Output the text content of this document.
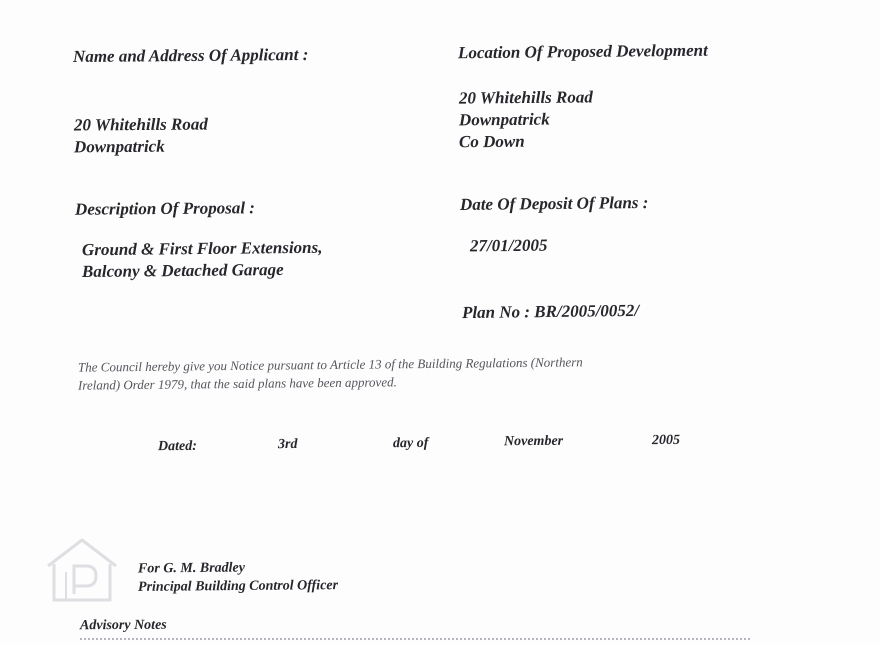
Name and Address Of Applicant :
20 Whitehills Road
Downpatrick
Location Of Proposed Development
20 Whitehills Road
Downpatrick
Co Down
Description Of Proposal :
Ground & First Floor Extensions,
Balcony & Detached Garage
Date Of Deposit Of Plans :
27/01/2005
Plan No : BR/2005/0052/
The Council hereby give you Notice pursuant to Article 13 of the Building Regulations (Northern
Ireland) Order 1979, that the said plans have been approved.
Dated:	3rd	day of	November	2005
For G. M. Bradley
Principal Building Control Officer
Advisory Notes
